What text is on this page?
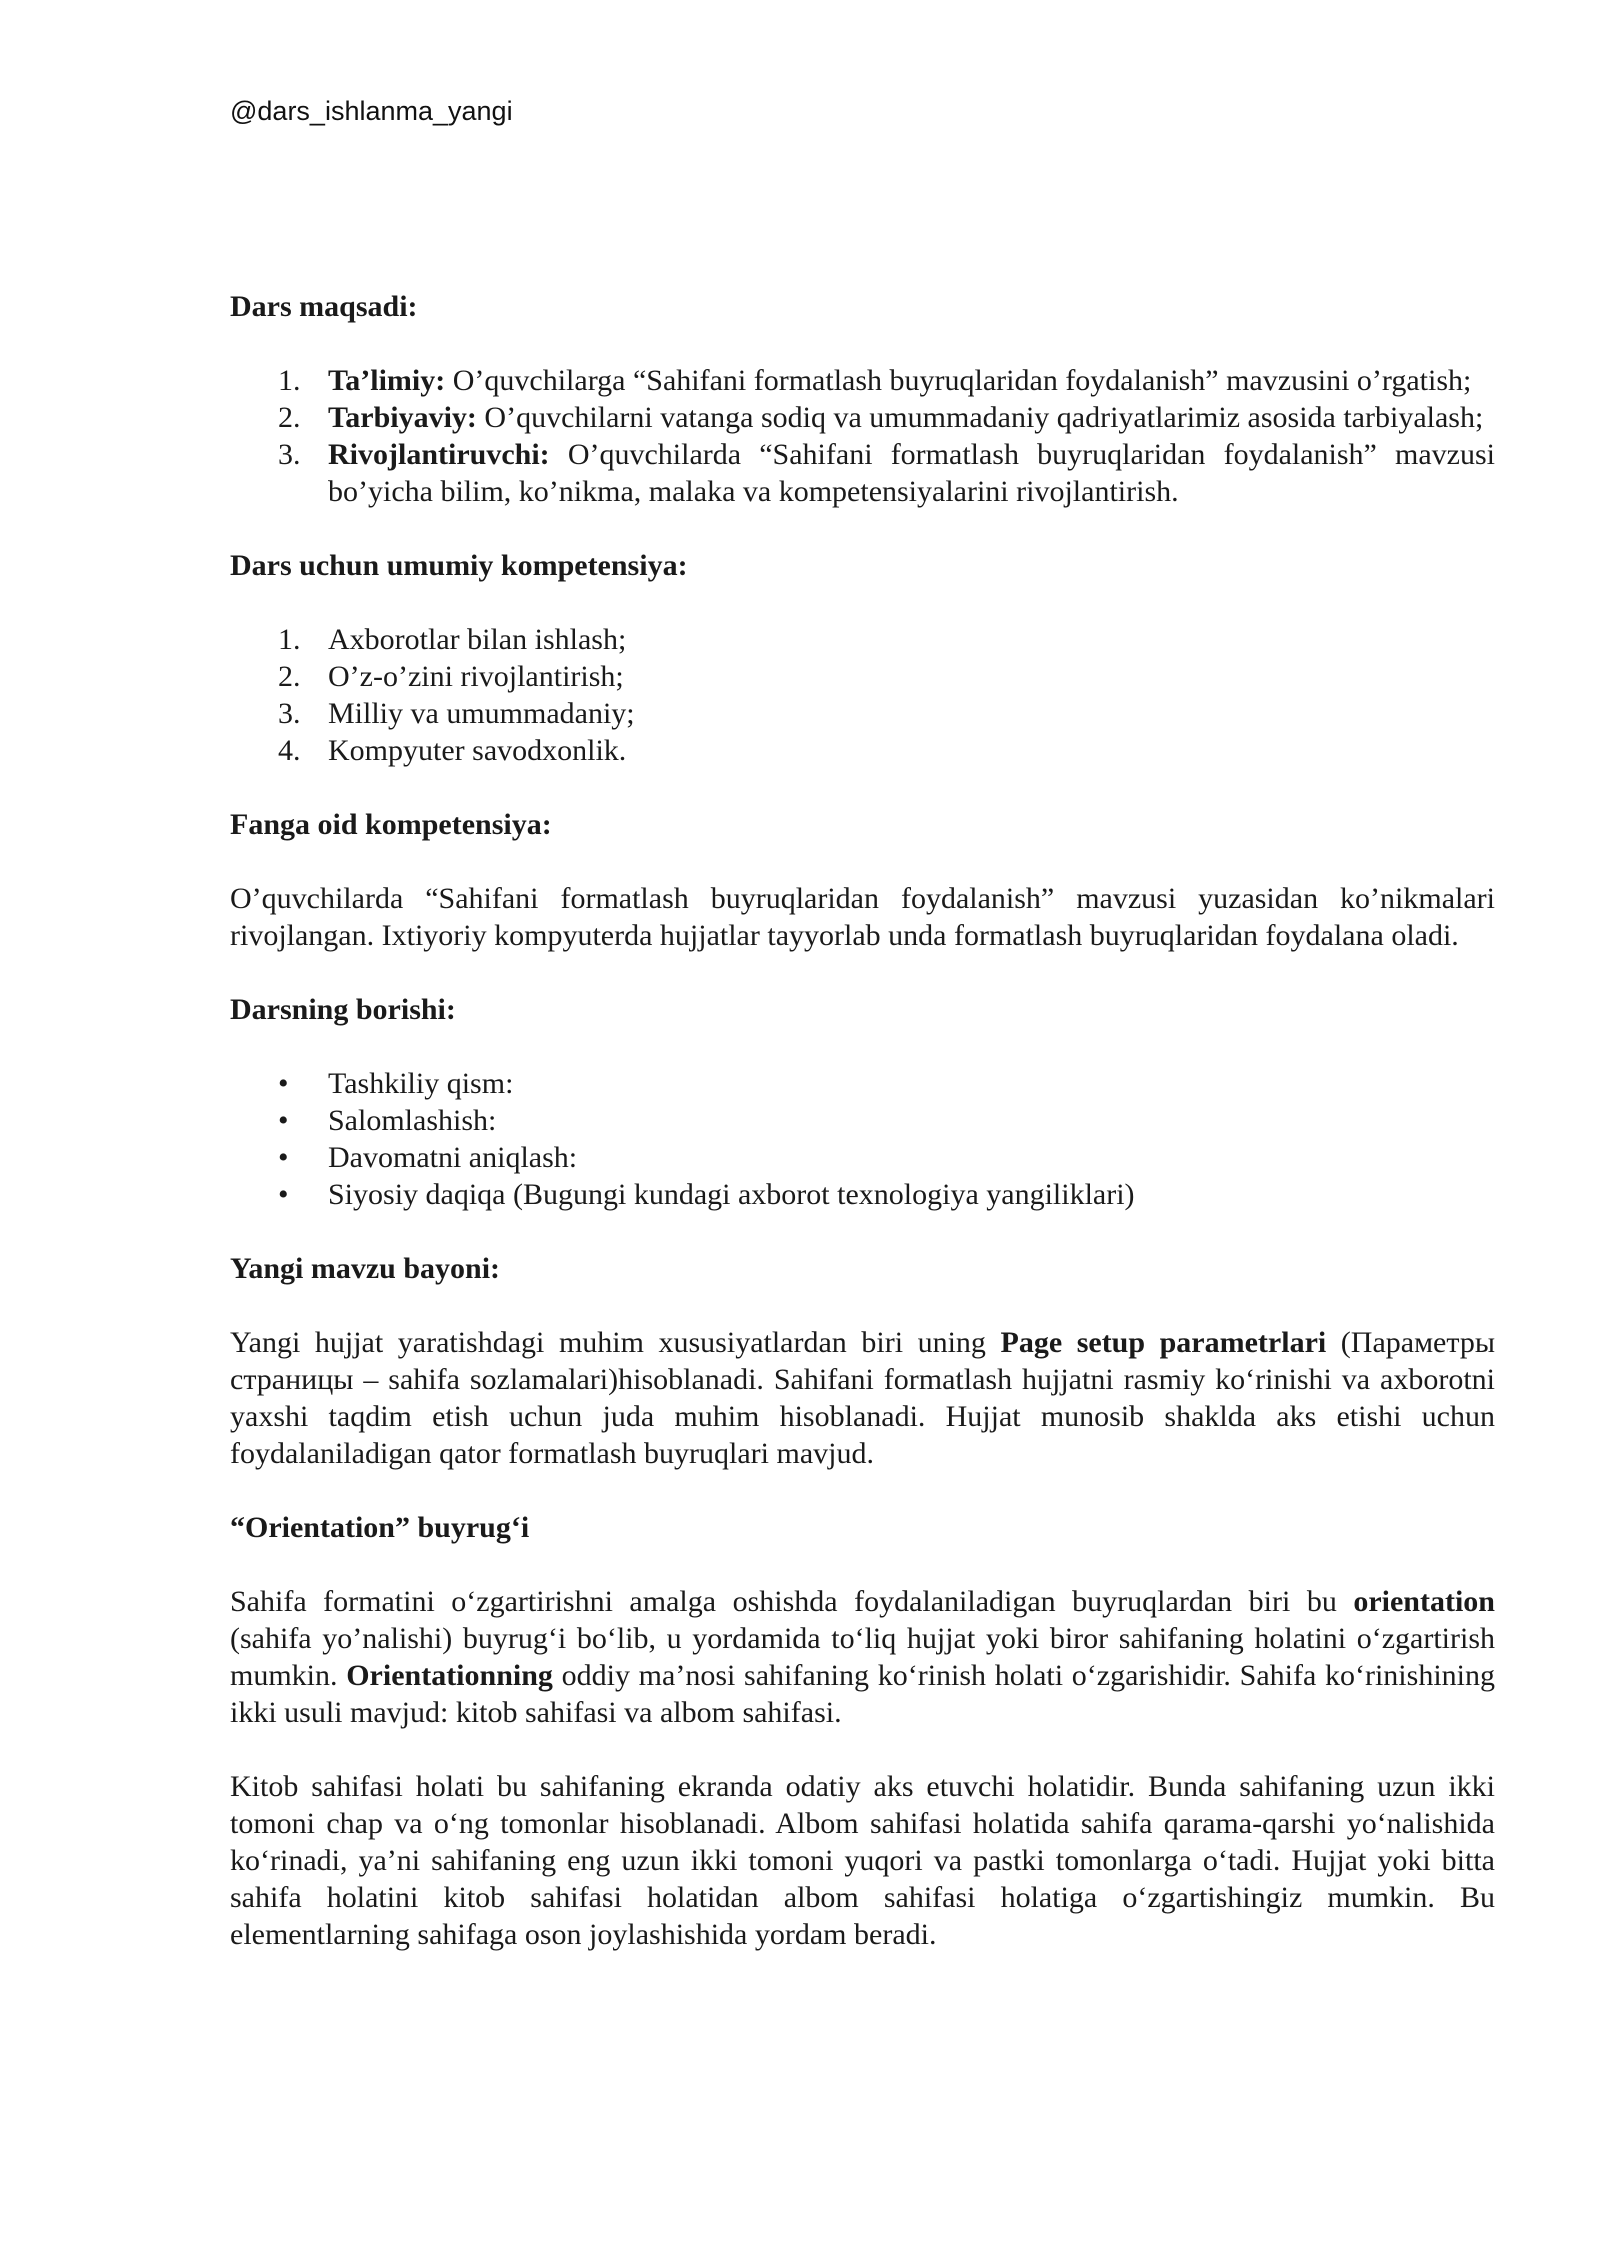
@dars_ishlanma_yangi
Dars maqsadi:
1. Ta’limiy: O’quvchilarga “Sahifani formatlash buyruqlaridan foydalanish” mavzusini o’rgatish;
2. Tarbiyaviy: O’quvchilarni vatanga sodiq va umummadaniy qadriyatlarimiz asosida tarbiyalash;
3. Rivojlantiruvchi: O’quvchilarda “Sahifani formatlash buyruqlaridan foydalanish” mavzusi bo’yicha bilim, ko’nikma, malaka va kompetensiyalarini rivojlantirish.
Dars uchun umumiy kompetensiya:
1. Axborotlar bilan ishlash;
2. O’z-o’zini rivojlantirish;
3. Milliy va umummadaniy;
4. Kompyuter savodxonlik.
Fanga oid kompetensiya:
O’quvchilarda “Sahifani formatlash buyruqlaridan foydalanish” mavzusi yuzasidan ko’nikmalari rivojlangan. Ixtiyoriy kompyuterda hujjatlar tayyorlab unda formatlash buyruqlaridan foydalana oladi.
Darsning borishi:
• Tashkiliy qism:
• Salomlashish:
• Davomatni aniqlash:
• Siyosiy daqiqa (Bugungi kundagi axborot texnologiya yangiliklari)
Yangi mavzu bayoni:
Yangi hujjat yaratishdagi muhim xususiyatlardan biri uning Page setup parametrlari (Параметры страницы – sahifa sozlamalari)hisoblanadi. Sahifani formatlash hujjatni rasmiy ko‘rinishi va axborotni yaxshi taqdim etish uchun juda muhim hisoblanadi. Hujjat munosib shaklda aks etishi uchun foydalaniladigan qator formatlash buyruqlari mavjud.
“Orientation” buyrug‘i
Sahifa formatini o‘zgartirishni amalga oshishda foydalaniladigan buyruqlardan biri bu orientation (sahifa yo’nalishi) buyrug‘i bo‘lib, u yordamida to‘liq hujjat yoki biror sahifaning holatini o‘zgartirish mumkin. Orientationning oddiy ma’nosi sahifaning ko‘rinish holati o‘zgarishidir. Sahifa ko‘rinishining ikki usuli mavjud: kitob sahifasi va albom sahifasi.
Kitob sahifasi holati bu sahifaning ekranda odatiy aks etuvchi holatidir. Bunda sahifaning uzun ikki tomoni chap va o‘ng tomonlar hisoblanadi. Albom sahifasi holatida sahifa qarama-qarshi yo‘nalishida ko‘rinadi, ya’ni sahifaning eng uzun ikki tomoni yuqori va pastki tomonlarga o‘tadi. Hujjat yoki bitta sahifa holatini kitob sahifasi holatidan albom sahifasi holatiga o‘zgartishingiz mumkin. Bu elementlarning sahifaga oson joylashishida yordam beradi.
